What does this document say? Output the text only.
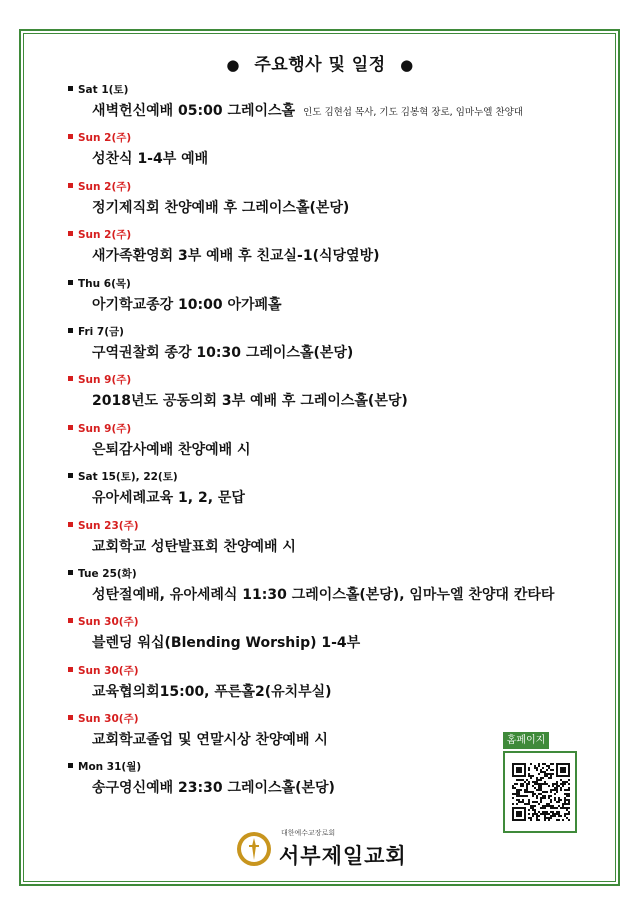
● 주요행사 및 일정 ●
Sat 1(토)
새벽헌신예배 05:00 그레이스홀 인도 김현섭 목사, 기도 김봉혁 장로, 임마누엘 찬양대
Sun 2(주)
성찬식 1-4부 예배
Sun 2(주)
정기제직회 찬양예배 후 그레이스홀(본당)
Sun 2(주)
새가족환영회 3부 예배 후 친교실-1(식당옆방)
Thu 6(목)
아기학교종강 10:00 아가페홀
Fri 7(금)
구역권찰회 종강 10:30 그레이스홀(본당)
Sun 9(주)
2018년도 공동의회 3부 예배 후 그레이스홀(본당)
Sun 9(주)
은퇴감사예배 찬양예배 시
Sat 15(토), 22(토)
유아세례교육 1, 2, 문답
Sun 23(주)
교회학교 성탄발표회 찬양예배 시
Tue 25(화)
성탄절예배, 유아세례식 11:30 그레이스홀(본당), 임마누엘 찬양대 칸타타
Sun 30(주)
블렌딩 워십(Blending Worship) 1-4부
Sun 30(주)
교육협의회15:00, 푸른홀2(유치부실)
Sun 30(주)
교회학교졸업 및 연말시상 찬양예배 시
Mon 31(월)
송구영신예배 23:30 그레이스홀(본당)
홈페이지
대한예수교장로회
서부제일교회
